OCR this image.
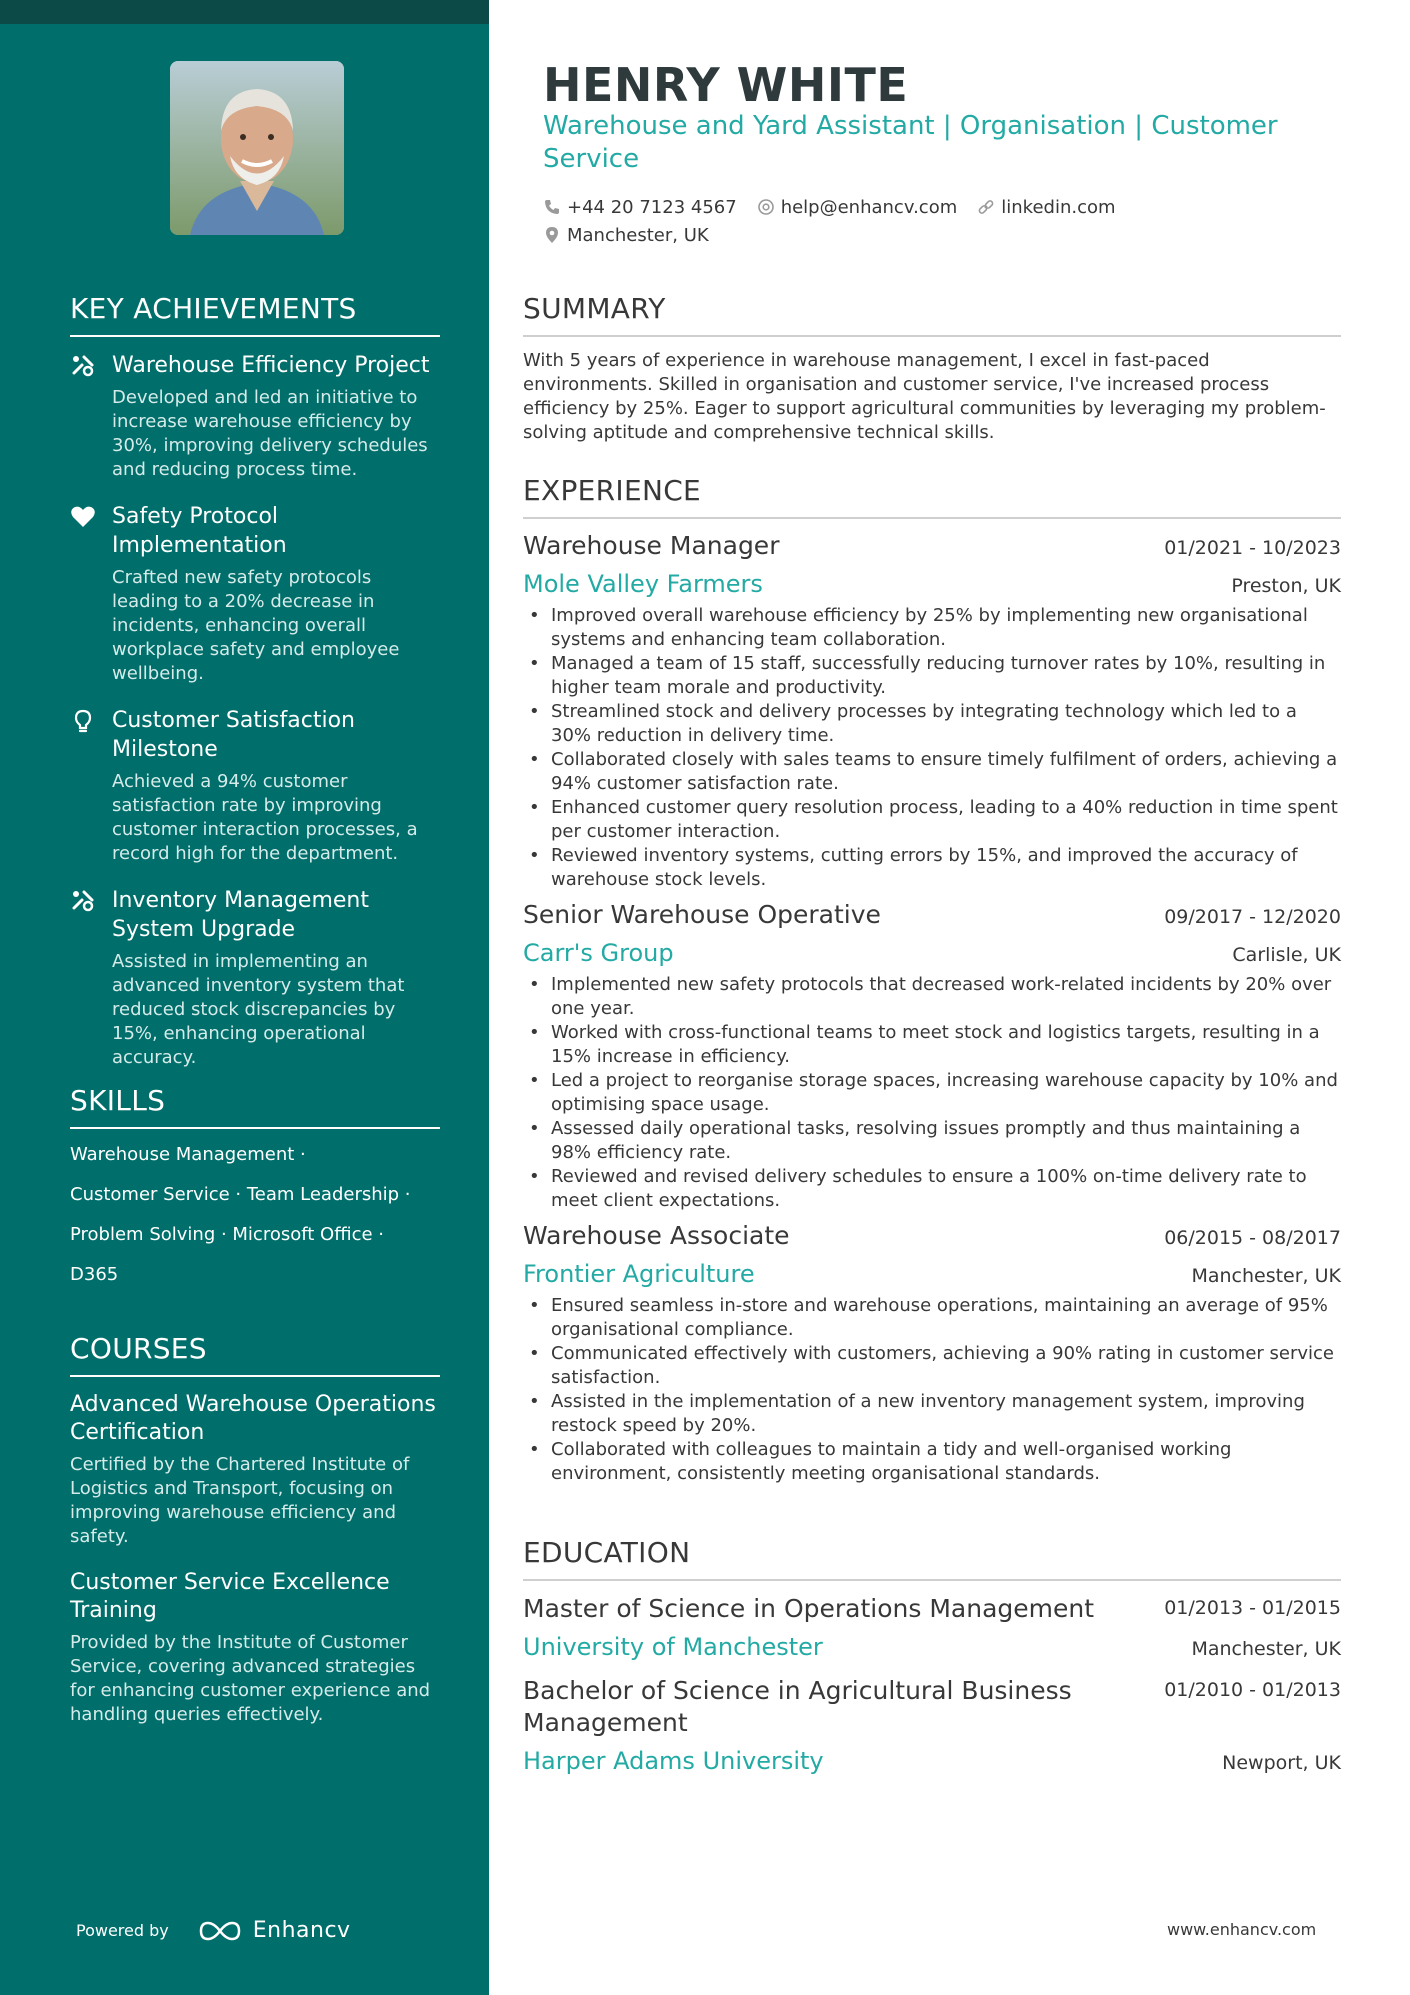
KEY ACHIEVEMENTS
Warehouse Efficiency Project
Developed and led an initiative to increase warehouse efficiency by 30%, improving delivery schedules and reducing process time.
Safety Protocol Implementation
Crafted new safety protocols leading to a 20% decrease in incidents, enhancing overall workplace safety and employee wellbeing.
Customer Satisfaction Milestone
Achieved a 94% customer satisfaction rate by improving customer interaction processes, a record high for the department.
Inventory Management System Upgrade
Assisted in implementing an advanced inventory system that reduced stock discrepancies by 15%, enhancing operational accuracy.
SKILLS
Warehouse Management ·
Customer Service · Team Leadership ·
Problem Solving · Microsoft Office ·
D365
COURSES
Advanced Warehouse Operations Certification
Certified by the Chartered Institute of Logistics and Transport, focusing on improving warehouse efficiency and safety.
Customer Service Excellence Training
Provided by the Institute of Customer Service, covering advanced strategies for enhancing customer experience and handling queries effectively.
Powered by	Enhancv
HENRY WHITE
Warehouse and Yard Assistant | Organisation | Customer Service
+44 20 7123 4567 help@enhancv.com linkedin.com
Manchester, UK
SUMMARY
With 5 years of experience in warehouse management, I excel in fast-paced environments. Skilled in organisation and customer service, I've increased process efficiency by 25%. Eager to support agricultural communities by leveraging my problem-solving aptitude and comprehensive technical skills.
EXPERIENCE
Warehouse Manager	01/2021 - 10/2023
Mole Valley Farmers	Preston, UK
• Improved overall warehouse efficiency by 25% by implementing new organisational systems and enhancing team collaboration.
• Managed a team of 15 staff, successfully reducing turnover rates by 10%, resulting in higher team morale and productivity.
• Streamlined stock and delivery processes by integrating technology which led to a 30% reduction in delivery time.
• Collaborated closely with sales teams to ensure timely fulfilment of orders, achieving a 94% customer satisfaction rate.
• Enhanced customer query resolution process, leading to a 40% reduction in time spent per customer interaction.
• Reviewed inventory systems, cutting errors by 15%, and improved the accuracy of warehouse stock levels.
Senior Warehouse Operative	09/2017 - 12/2020
Carr's Group	Carlisle, UK
• Implemented new safety protocols that decreased work-related incidents by 20% over one year.
• Worked with cross-functional teams to meet stock and logistics targets, resulting in a 15% increase in efficiency.
• Led a project to reorganise storage spaces, increasing warehouse capacity by 10% and optimising space usage.
• Assessed daily operational tasks, resolving issues promptly and thus maintaining a 98% efficiency rate.
• Reviewed and revised delivery schedules to ensure a 100% on-time delivery rate to meet client expectations.
Warehouse Associate	06/2015 - 08/2017
Frontier Agriculture	Manchester, UK
• Ensured seamless in-store and warehouse operations, maintaining an average of 95% organisational compliance.
• Communicated effectively with customers, achieving a 90% rating in customer service satisfaction.
• Assisted in the implementation of a new inventory management system, improving restock speed by 20%.
• Collaborated with colleagues to maintain a tidy and well-organised working environment, consistently meeting organisational standards.
EDUCATION
Master of Science in Operations Management	01/2013 - 01/2015
University of Manchester	Manchester, UK
Bachelor of Science in Agricultural Business Management
01/2010 - 01/2013
Harper Adams University	Newport, UK
www.enhancv.com
